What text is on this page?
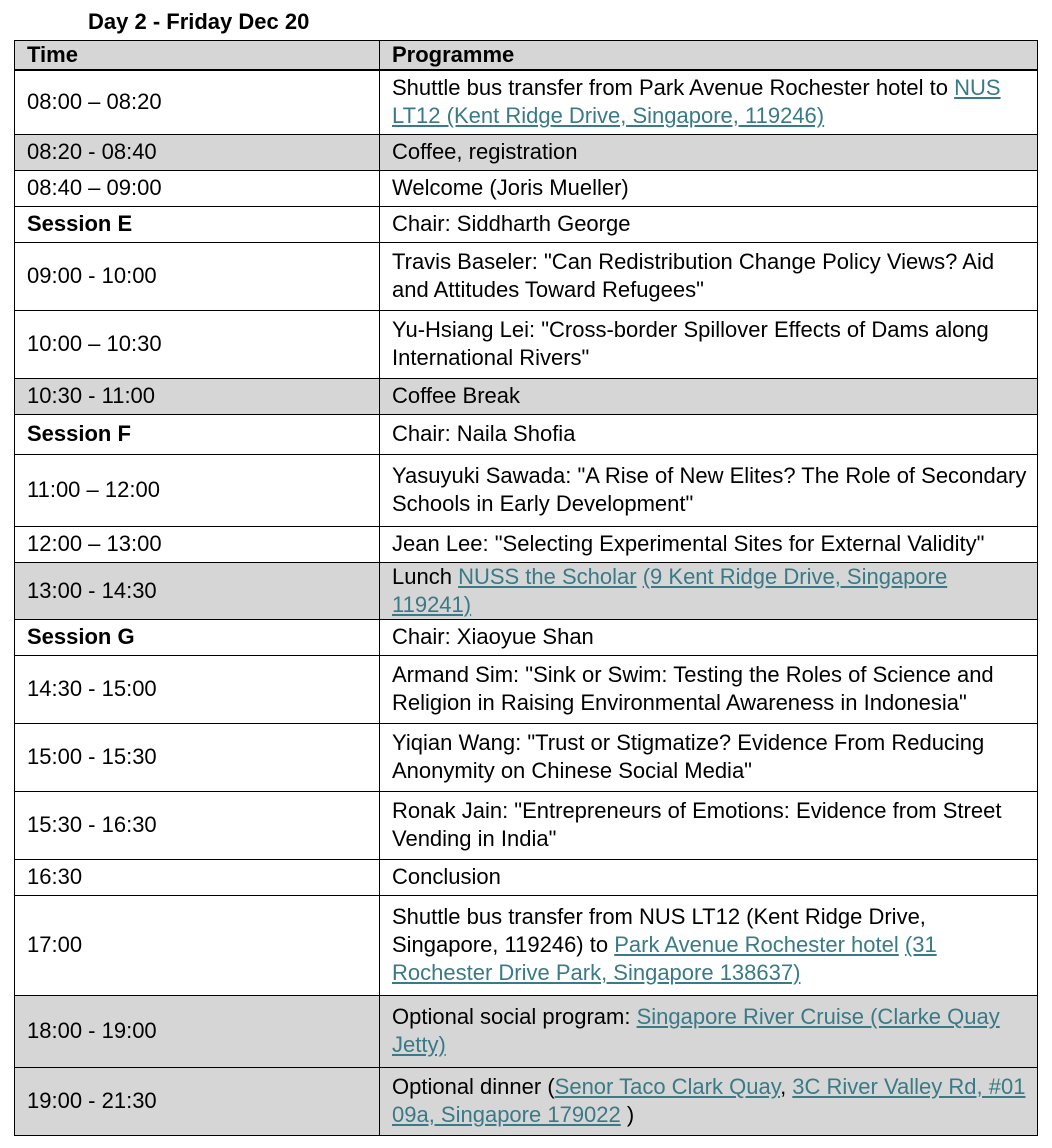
Day 2 - Friday Dec 20
Time	Programme
08:00 – 08:20	Shuttle bus transfer from Park Avenue Rochester hotel to NUS LT12 (Kent Ridge Drive, Singapore, 119246)
08:20 - 08:40	Coffee, registration
08:40 – 09:00	Welcome (Joris Mueller)
Session E	Chair: Siddharth George
09:00 - 10:00	Travis Baseler: "Can Redistribution Change Policy Views? Aid and Attitudes Toward Refugees"
10:00 – 10:30	Yu-Hsiang Lei: "Cross-border Spillover Effects of Dams along International Rivers"
10:30 - 11:00	Coffee Break
Session F	Chair: Naila Shofia
11:00 – 12:00	Yasuyuki Sawada: "A Rise of New Elites? The Role of Secondary Schools in Early Development"
12:00 – 13:00	Jean Lee: "Selecting Experimental Sites for External Validity"
13:00 - 14:30	Lunch NUSS the Scholar (9 Kent Ridge Drive, Singapore 119241)
Session G	Chair: Xiaoyue Shan
14:30 - 15:00	Armand Sim: "Sink or Swim: Testing the Roles of Science and Religion in Raising Environmental Awareness in Indonesia"
15:00 - 15:30	Yiqian Wang: "Trust or Stigmatize? Evidence From Reducing Anonymity on Chinese Social Media"
15:30 - 16:30	Ronak Jain: "Entrepreneurs of Emotions: Evidence from Street Vending in India"
16:30	Conclusion
17:00	Shuttle bus transfer from NUS LT12 (Kent Ridge Drive, Singapore, 119246) to Park Avenue Rochester hotel (31 Rochester Drive Park, Singapore 138637)
18:00 - 19:00	Optional social program: Singapore River Cruise (Clarke Quay Jetty)
19:00 - 21:30	Optional dinner (Senor Taco Clark Quay, 3C River Valley Rd, #01 09a, Singapore 179022 )
